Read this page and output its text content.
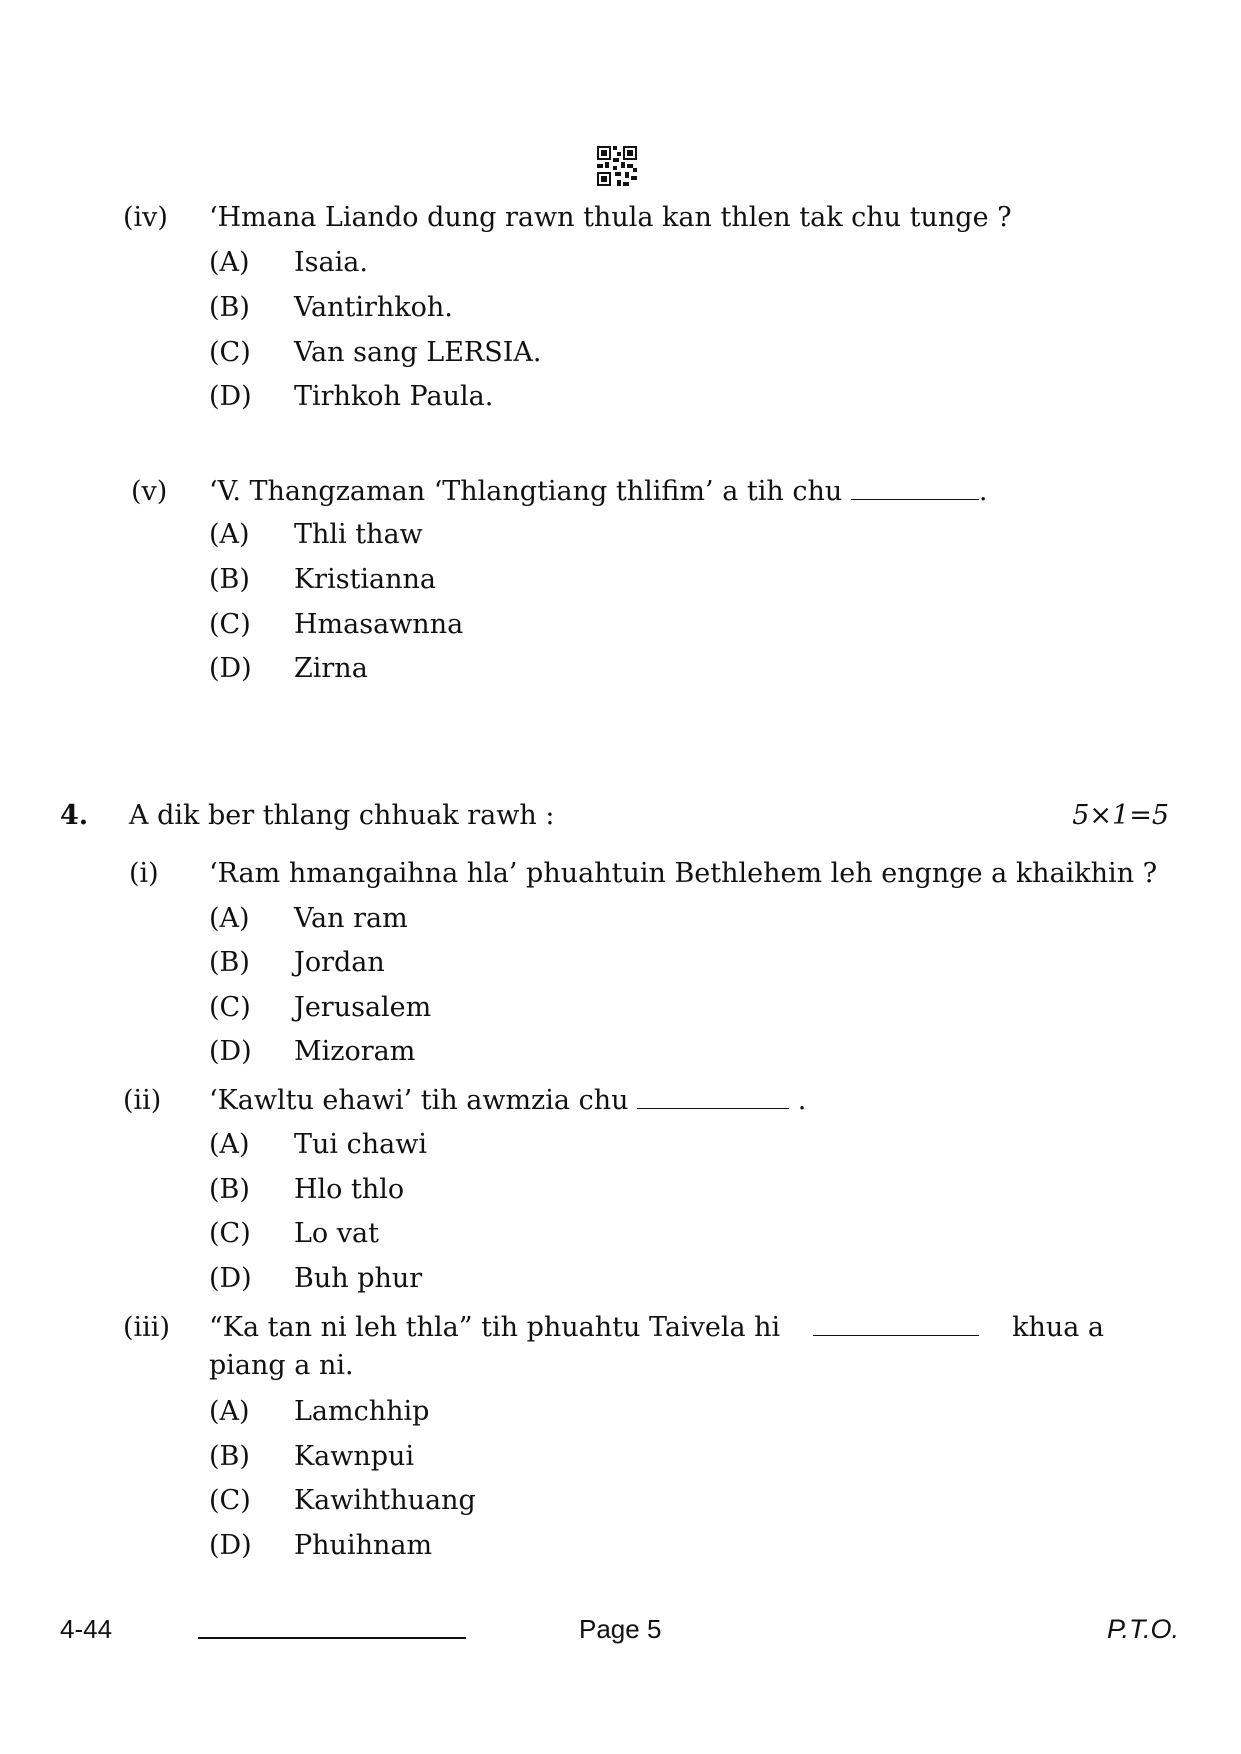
(iv) ‘Hmana Liando dung rawn thula kan thlen tak chu tunge ?
(A) Isaia.
(B) Vantirhkoh.
(C) Van sang LERSIA.
(D) Tirhkoh Paula.
(v) ‘V. Thangzaman ‘Thlangtiang thlifim’ a tih chu	.
(A) Thli thaw
(B) Kristianna
(C) Hmasawnna
(D) Zirna
4. A dik ber thlang chhuak rawh :	5×1=5
(i) ‘Ram hmangaihna hla’ phuahtuin Bethlehem leh engnge a khaikhin ?
(A) Van ram
(B) Jordan
(C) Jerusalem
(D) Mizoram
(ii) ‘Kawltu ehawi’ tih awmzia chu	.
(A) Tui chawi
(B) Hlo thlo
(C) Lo vat
(D) Buh phur
(iii) “Ka tan ni leh thla” tih phuahtu Taivela hi	khua a
piang a ni.
(A) Lamchhip
(B) Kawnpui
(C) Kawihthuang
(D) Phuihnam
4-44	Page 5	P.T.O.
